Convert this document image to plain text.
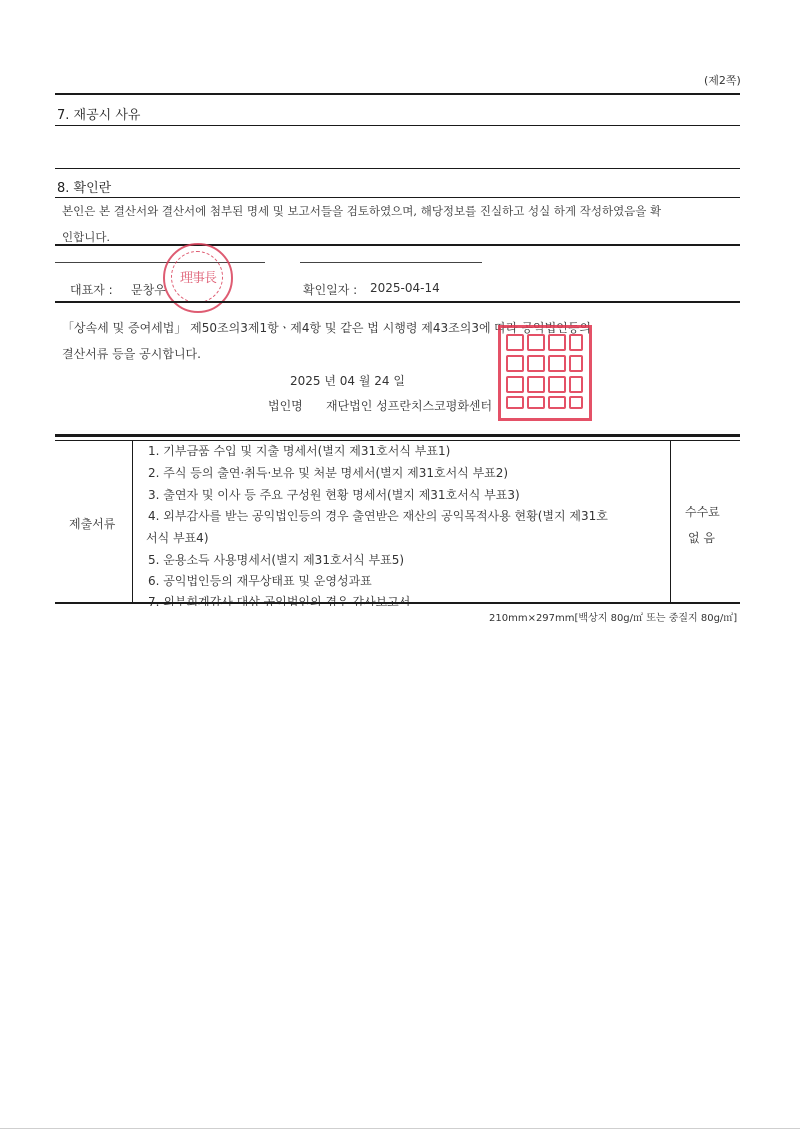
(제2쪽)
7. 재공시 사유
8. 확인란
본인은 본 결산서와 결산서에 첨부된 명세 및 보고서들을 검토하였으며, 해당정보를 진실하고 성실 하게 작성하였음을 확
인합니다.
대표자 : 문창우	확인일자 : 2025-04-14
理事長
「상속세 및 증여세법」 제50조의3제1항ㆍ제4항 및 같은 법 시행령 제43조의3에 따라 공익법인등의
결산서류 등을 공시합니다.
2025 년 04 월 24 일
법인명 재단법인 성프란치스코평화센터
제출서류
1. 기부금품 수입 및 지출 명세서(별지 제31호서식 부표1)
2. 주식 등의 출연·취득·보유 및 처분 명세서(별지 제31호서식 부표2)
3. 출연자 및 이사 등 주요 구성원 현황 명세서(별지 제31호서식 부표3)
4. 외부감사를 받는 공익법인등의 경우 출연받은 재산의 공익목적사용 현황(별지 제31호
서식 부표4)
5. 운용소득 사용명세서(별지 제31호서식 부표5)
6. 공익법인등의 재무상태표 및 운영성과표
수수료
없 음
210mm×297mm[백상지 80g/㎡ 또는 중질지 80g/㎡]
